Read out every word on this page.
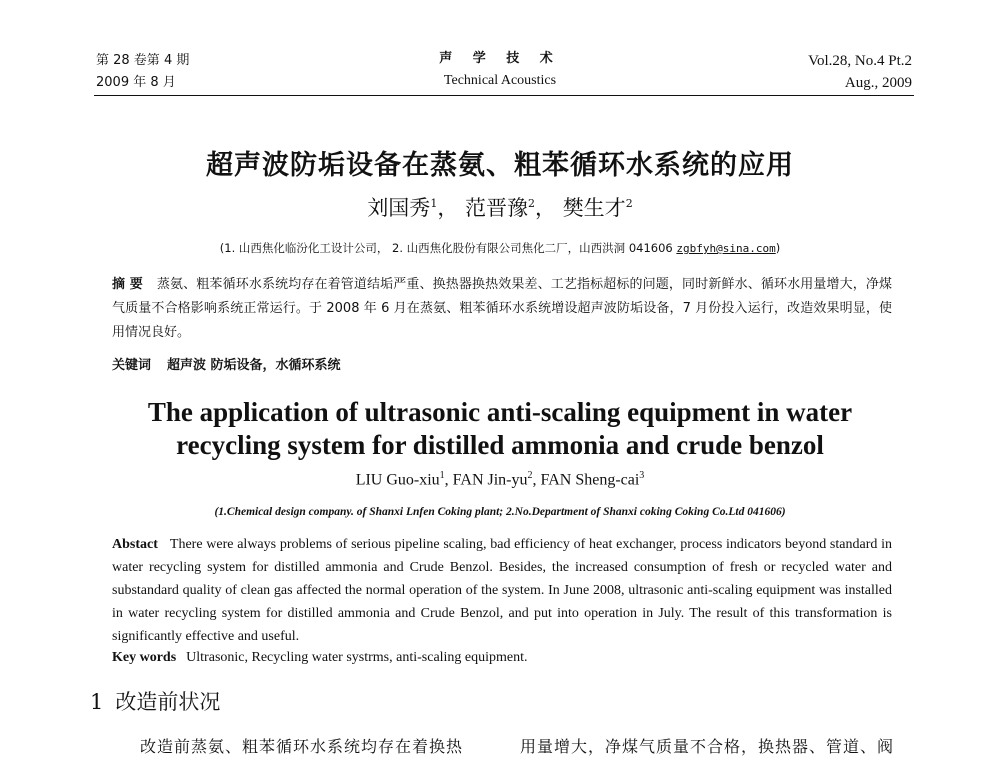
第 28 卷第 4 期
2009 年 8 月
声 学 技 术
Technical Acoustics
Vol.28, No.4 Pt.2
Aug., 2009
超声波防垢设备在蒸氨、粗苯循环水系统的应用
刘国秀$^1$， 范晋豫$^2$， 樊生才$^2$
(1. 山西焦化临汾化工设计公司， 2. 山西焦化股份有限公司焦化二厂，山西洪洞 041606 zgbfyh@sina.com)
摘 要 蒸氨、粗苯循环水系统均存在着管道结垢严重、换热器换热效果差、工艺指标超标的问题，同时新鲜水、循环水用量增大，净煤气质量不合格影响系统正常运行。于 2008 年 6 月在蒸氨、粗苯循环水系统增设超声波防垢设备，7 月份投入运行，改造效果明显，使用情况良好。
关键词 超声波 防垢设备，水循环系统
The application of ultrasonic anti-scaling equipment in water
recycling system for distilled ammonia and crude benzol
LIU Guo-xiu$^1$, FAN Jin-$yu^2$, FAN Sheng-cai$^3$
(1.Chemical design company. of Shanxi Lnfen Coking plant; 2.No.Department of Shanxi coking Coking Co.Ltd 041606)
Abstact There were always problems of serious pipeline scaling, bad efficiency of heat exchanger, process indicators beyond standard in water recycling system for distilled ammonia and Crude Benzol. Besides, the increased consumption of fresh or recycled water and substandard quality of clean gas affected the normal operation of the system. In June 2008, ultrasonic anti-scaling equipment was installed in water recycling system for distilled ammonia and Crude Benzol, and put into operation in July. The result of this transformation is significantly effective and useful.
Key words Ultrasonic, Recycling water systrms, anti-scaling equipment.
1 改造前状况
改造前蒸氨、粗苯循环水系统均存在着换热	用量增大，净煤气质量不合格，换热器、管道、阀
